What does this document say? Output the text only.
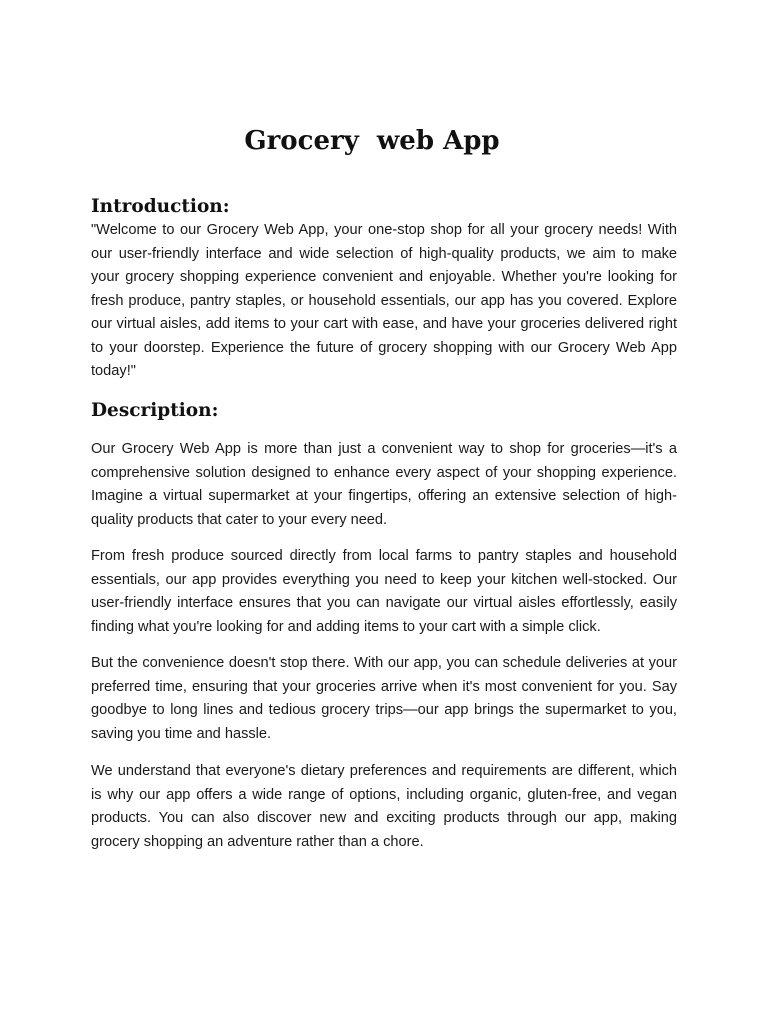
Grocery  web App
Introduction:

"Welcome to our Grocery Web App, your one-stop shop for all your grocery needs! With our user-friendly interface and wide selection of high-quality products, we aim to make your grocery shopping experience convenient and enjoyable. Whether you're looking for fresh produce, pantry staples, or household essentials, our app has you covered. Explore our virtual aisles, add items to your cart with ease, and have your groceries delivered right to your doorstep. Experience the future of grocery shopping with our Grocery Web App today!"

Description:

Our Grocery Web App is more than just a convenient way to shop for groceries—it's a comprehensive solution designed to enhance every aspect of your shopping experience. Imagine a virtual supermarket at your fingertips, offering an extensive selection of high-quality products that cater to your every need.

From fresh produce sourced directly from local farms to pantry staples and household essentials, our app provides everything you need to keep your kitchen well-stocked. Our user-friendly interface ensures that you can navigate our virtual aisles effortlessly, easily finding what you're looking for and adding items to your cart with a simple click.

But the convenience doesn't stop there. With our app, you can schedule deliveries at your preferred time, ensuring that your groceries arrive when it's most convenient for you. Say goodbye to long lines and tedious grocery trips—our app brings the supermarket to you, saving you time and hassle.

We understand that everyone's dietary preferences and requirements are different, which is why our app offers a wide range of options, including organic, gluten-free, and vegan products. You can also discover new and exciting products through our app, making grocery shopping an adventure rather than a chore.
